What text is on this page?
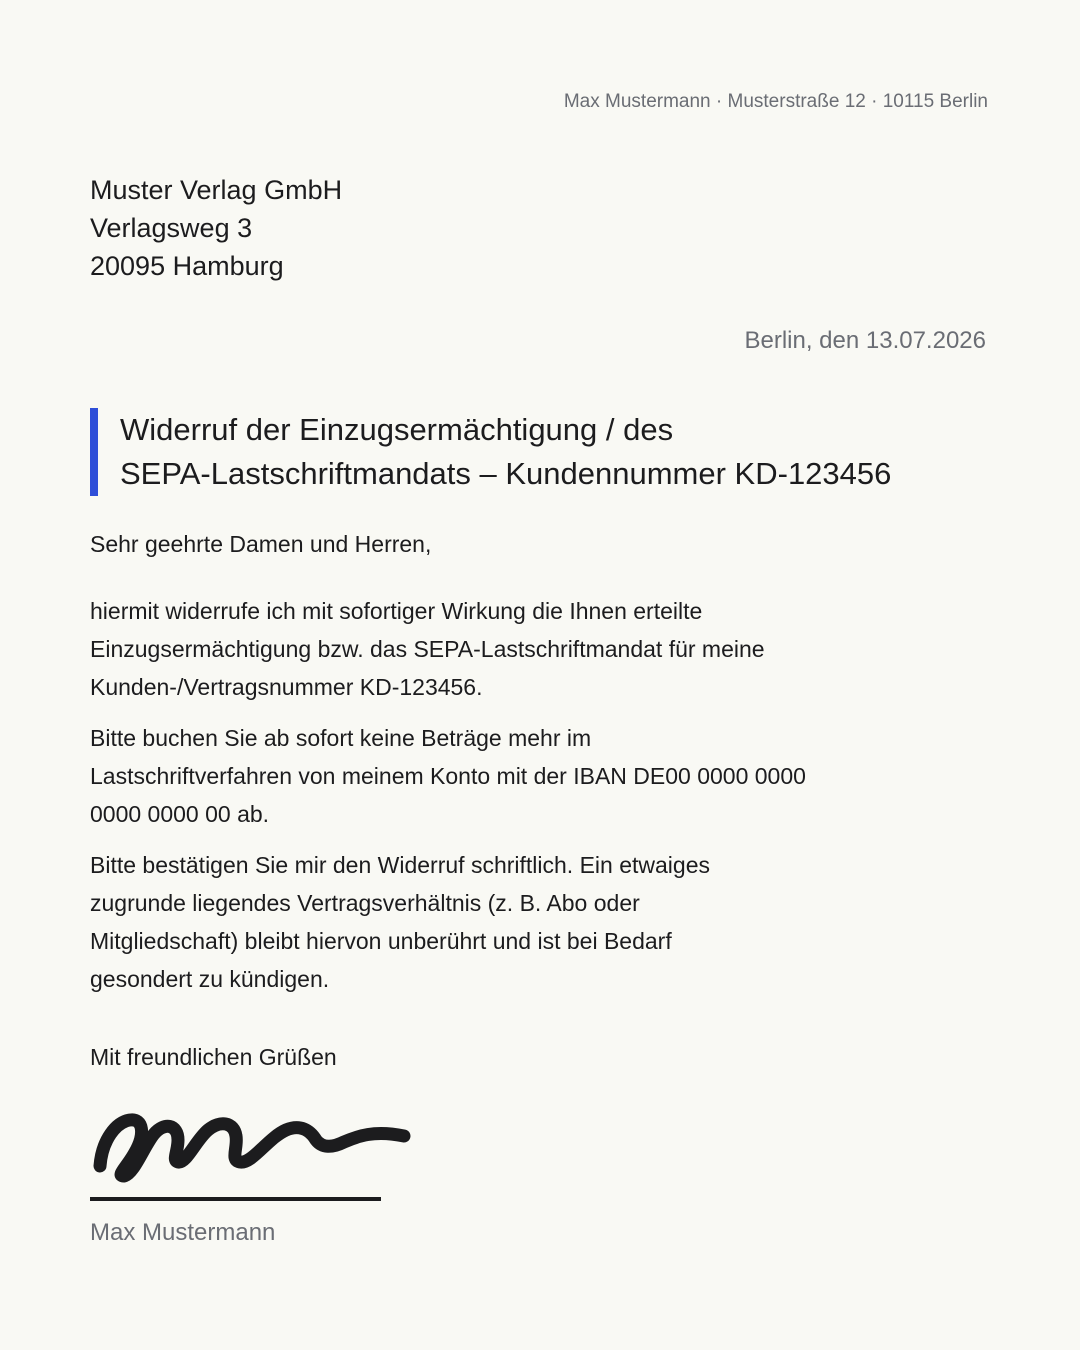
Max Mustermann · Musterstraße 12 · 10115 Berlin
Muster Verlag GmbH
Verlagsweg 3
20095 Hamburg
Berlin, den 13.07.2026
Widerruf der Einzugsermächtigung / des
SEPA-Lastschriftmandats – Kundennummer KD-123456
Sehr geehrte Damen und Herren,
hiermit widerrufe ich mit sofortiger Wirkung die Ihnen erteilte
Einzugsermächtigung bzw. das SEPA-Lastschriftmandat für meine
Kunden-/Vertragsnummer KD-123456.
Bitte buchen Sie ab sofort keine Beträge mehr im
Lastschriftverfahren von meinem Konto mit der IBAN DE00 0000 0000
0000 0000 00 ab.
Bitte bestätigen Sie mir den Widerruf schriftlich. Ein etwaiges
zugrunde liegendes Vertragsverhältnis (z. B. Abo oder
Mitgliedschaft) bleibt hiervon unberührt und ist bei Bedarf
gesondert zu kündigen.
Mit freundlichen Grüßen
Max Mustermann
